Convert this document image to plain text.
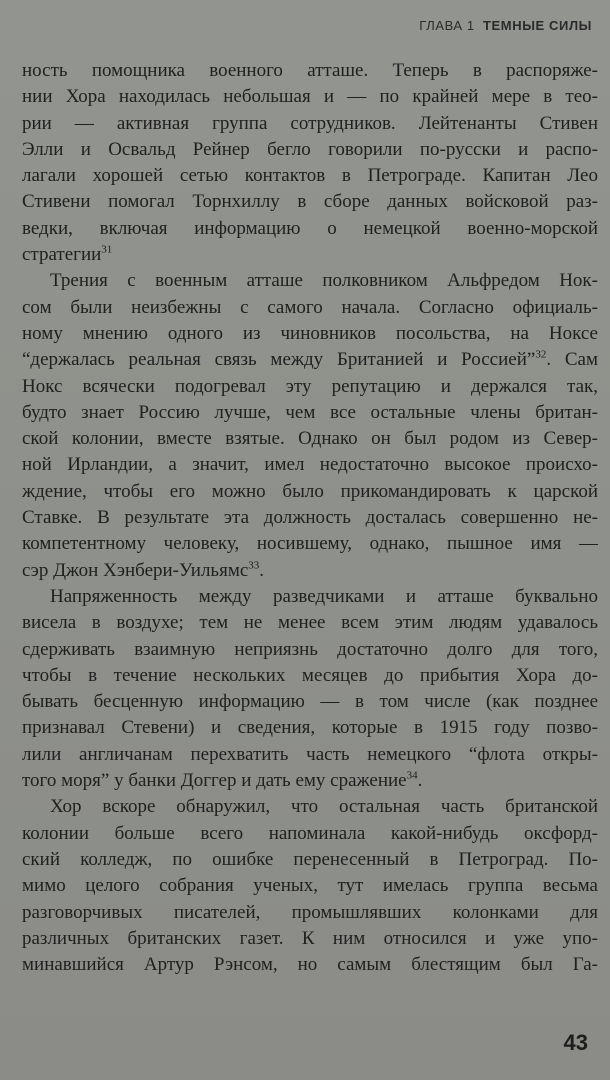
ГЛАВА 1 ТЕМНЫЕ СИЛЫ
ность помощника военного атташе. Теперь в распоряже-
нии Хора находилась небольшая и — по крайней мере в тео-
рии — активная группа сотрудников. Лейтенанты Стивен
Элли и Освальд Рейнер бегло говорили по-русски и распо-
лагали хорошей сетью контактов в Петрограде. Капитан Лео
Стивени помогал Торнхиллу в сборе данных войсковой раз-
ведки, включая информацию о немецкой военно-морской
стратегии$^{31}$
Трения с военным атташе полковником Альфредом Нок-
сом были неизбежны с самого начала. Согласно официаль-
ному мнению одного из чиновников посольства, на Ноксе
“держалась реальная связь между Британией и Россией”$^{32}$. Сам
Нокс всячески подогревал эту репутацию и держался так,
будто знает Россию лучше, чем все остальные члены британ-
ской колонии, вместе взятые. Однако он был родом из Север-
ной Ирландии, а значит, имел недостаточно высокое происхо-
ждение, чтобы его можно было прикомандировать к царской
Ставке. В результате эта должность досталась совершенно не-
компетентному человеку, носившему, однако, пышное имя —
сэр Джон Хэнбери-Уильямс$^{33}$.
Напряженность между разведчиками и атташе буквально
висела в воздухе; тем не менее всем этим людям удавалось
сдерживать взаимную неприязнь достаточно долго для того,
чтобы в течение нескольких месяцев до прибытия Хора до-
бывать бесценную информацию — в том числе (как позднее
признавал Стевени) и сведения, которые в 1915 году позво-
лили англичанам перехватить часть немецкого “флота откры-
того моря” у банки Доггер и дать ему сражение$^{34}$.
Хор вскоре обнаружил, что остальная часть британской
колонии больше всего напоминала какой-нибудь оксфорд-
ский колледж, по ошибке перенесенный в Петроград. По-
мимо целого собрания ученых, тут имелась группа весьма
разговорчивых писателей, промышлявших колонками для
различных британских газет. К ним относился и уже упо-
минавшийся Артур Рэнсом, но самым блестящим был Га-
43
